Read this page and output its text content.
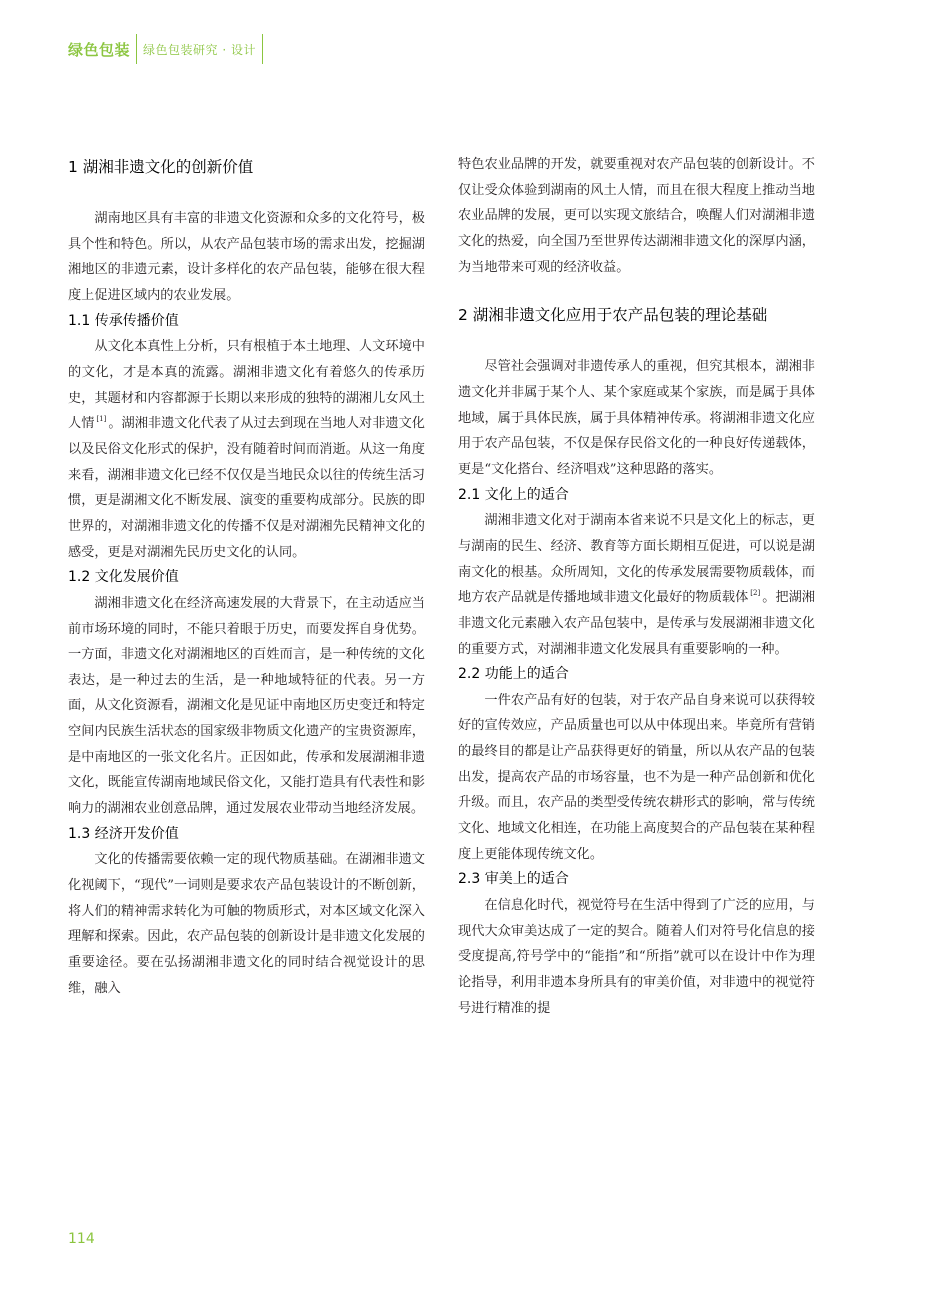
绿色包装 绿色包装研究 · 设计
1 湖湘非遗文化的创新价值

湖南地区具有丰富的非遗文化资源和众多的文化符号，极具个性和特色。所以，从农产品包装市场的需求出发，挖掘湖湘地区的非遗元素，设计多样化的农产品包装，能够在很大程度上促进区域内的农业发展。

1.1 传承传播价值

从文化本真性上分析，只有根植于本土地理、人文环境中的文化，才是本真的流露。湖湘非遗文化有着悠久的传承历史，其题材和内容都源于长期以来形成的独特的湖湘儿女风土人情 [1] 。湖湘非遗文化代表了从过去到现在当地人对非遗文化以及民俗文化形式的保护，没有随着时间而消逝。从这一角度来看，湖湘非遗文化已经不仅仅是当地民众以往的传统生活习惯，更是湖湘文化不断发展、演变的重要构成部分。民族的即世界的，对湖湘非遗文化的传播不仅是对湖湘先民精神文化的感受，更是对湖湘先民历史文化的认同。

1.2 文化发展价值

湖湘非遗文化在经济高速发展的大背景下，在主动适应当前市场环境的同时，不能只着眼于历史，而要发挥自身优势。一方面，非遗文化对湖湘地区的百姓而言，是一种传统的文化表达，是一种过去的生活，是一种地域特征的代表。另一方面，从文化资源看，湖湘文化是见证中南地区历史变迁和特定空间内民族生活状态的国家级非物质文化遗产的宝贵资源库，是中南地区的一张文化名片。正因如此，传承和发展湖湘非遗文化，既能宣传湖南地域民俗文化，又能打造具有代表性和影响力的湖湘农业创意品牌，通过发展农业带动当地经济发展。

1.3 经济开发价值

文化的传播需要依赖一定的现代物质基础。在湖湘非遗文化视阈下，“现代”一词则是要求农产品包装设计的不断创新，将人们的精神需求转化为可触的物质形式，对本区域文化深入理解和探索。因此，农产品包装的创新设计是非遗文化发展的重要途径。要在弘扬湖湘非遗文化的同时结合视觉设计的思维，融入

特色农业品牌的开发，就要重视对农产品包装的创新设计。不仅让受众体验到湖南的风土人情，而且在很大程度上推动当地农业品牌的发展，更可以实现文旅结合，唤醒人们对湖湘非遗文化的热爱，向全国乃至世界传达湖湘非遗文化的深厚内涵，为当地带来可观的经济收益。

2 湖湘非遗文化应用于农产品包装的理论基础

尽管社会强调对非遗传承人的重视，但究其根本，湖湘非遗文化并非属于某个人、某个家庭或某个家族，而是属于具体地域，属于具体民族，属于具体精神传承。将湖湘非遗文化应用于农产品包装，不仅是保存民俗文化的一种良好传递载体，更是“文化搭台、经济唱戏”这种思路的落实。

2.1 文化上的适合

湖湘非遗文化对于湖南本省来说不只是文化上的标志，更与湖南的民生、经济、教育等方面长期相互促进，可以说是湖南文化的根基。众所周知，文化的传承发展需要物质载体，而地方农产品就是传播地域非遗文化最好的物质载体 [2] 。把湖湘非遗文化元素融入农产品包装中，是传承与发展湖湘非遗文化的重要方式，对湖湘非遗文化发展具有重要影响的一种。

2.2 功能上的适合

一件农产品有好的包装，对于农产品自身来说可以获得较好的宣传效应，产品质量也可以从中体现出来。毕竟所有营销的最终目的都是让产品获得更好的销量，所以从农产品的包装出发，提高农产品的市场容量，也不为是一种产品创新和优化升级。而且，农产品的类型受传统农耕形式的影响，常与传统文化、地域文化相连，在功能上高度契合的产品包装在某种程度上更能体现传统文化。

2.3 审美上的适合

在信息化时代，视觉符号在生活中得到了广泛的应用，与现代大众审美达成了一定的契合。随着人们对符号化信息的接受度提高,符号学中的“能指”和“所指”就可以在设计中作为理论指导，利用非遗本身所具有的审美价值，对非遗中的视觉符号进行精准的提

114
